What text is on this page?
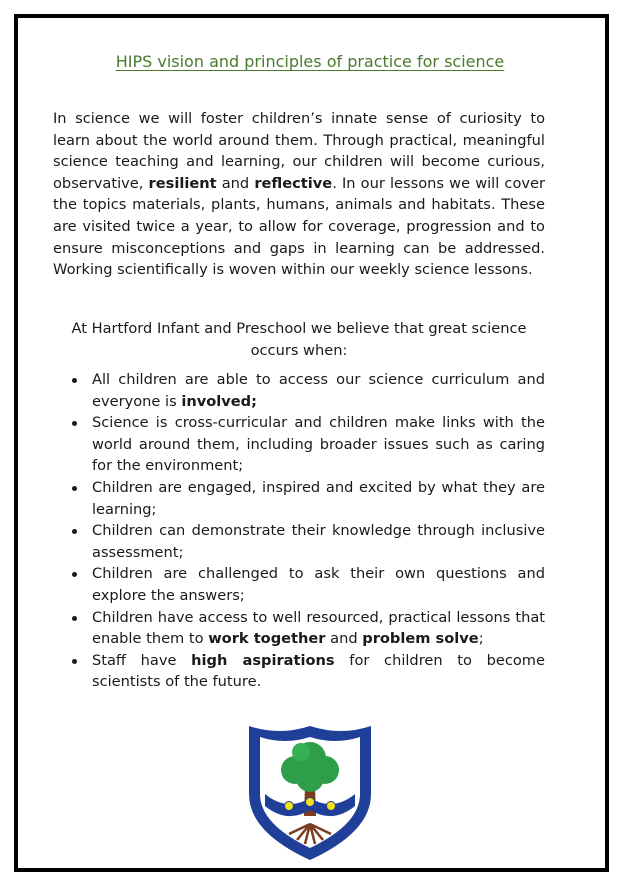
HIPS vision and principles of practice for science

In science we will foster children’s innate sense of curiosity to learn about the world around them. Through practical, meaningful science teaching and learning, our children will become curious, observative, resilient and reflective. In our lessons we will cover the topics materials, plants, humans, animals and habitats. These are visited twice a year, to allow for coverage, progression and to ensure misconceptions and gaps in learning can be addressed. Working scientifically is woven within our weekly science lessons.

At Hartford Infant and Preschool we believe that great science occurs when:

All children are able to access our science curriculum and everyone is involved;
Science is cross-curricular and children make links with the world around them, including broader issues such as caring for the environment;
Children are engaged, inspired and excited by what they are learning;
Children can demonstrate their knowledge through inclusive assessment;
Children are challenged to ask their own questions and explore the answers;
Children have access to well resourced, practical lessons that enable them to work together and problem solve;
Staff have high aspirations for children to become scientists of the future.
